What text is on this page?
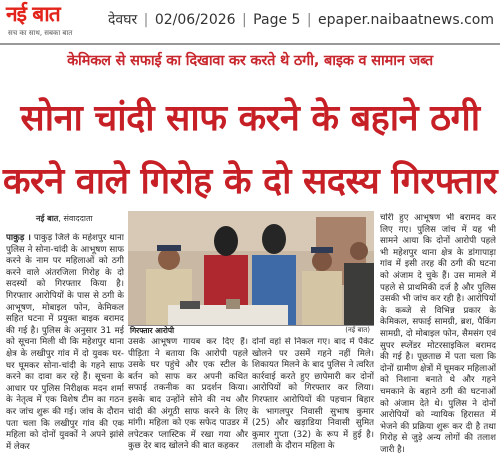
नई बात
सच का साथ, सबका बात
देवघर | 02/06/2026 | Page 5 | epaper.naibaatnews.com
केमिकल से सफाई का दिखावा कर करते थे ठगी, बाइक व सामान जब्त
सोना चांदी साफ करने के बहाने ठगी
करने वाले गिरोह के दो सदस्य गिरफ्तार
नई बात, संवाददाता
पाकुड़ । पाकुड़ जिले के महेशपुर थाना पुलिस ने सोना-चांदी के आभूषण साफ करने के नाम पर महिलाओं को ठगी करने वाले अंतरजिला गिरोह के दो सदस्यों को गिरफ्तार किया है। गिरफ्तार आरोपियों के पास से ठगी के आभूषण, मोबाइल फोन, केमिकल सहित घटना में प्रयुक्त बाइक बरामद की गई है। पुलिस के अनुसार 31 मई को सूचना मिली थी कि महेशपुर थाना क्षेत्र के लखीपुर गांव में दो युवक घर-घर घूमकर सोना-चांदी के गहने साफ करने का दावा कर रहे हैं। सूचना के आधार पर पुलिस निरीक्षक मदन शर्मा के नेतृत्व में एक विशेष टीम का गठन कर जांच शुरू की गई। जांच के दौरान पता चला कि लखीपुर गांव की एक महिला को दोनों युवकों ने अपने झांसे में लेकर
गिरफ्तार आरोपी	(नई बात)
उसके आभूषण गायब कर दिए हैं। पीड़िता ने बताया कि आरोपी पहले उसके घर पहुंचे और एक स्टील के बर्तन को साफ कर अपनी कथित सफाई तकनीक का प्रदर्शन किया। इसके बाद उन्होंने सोने की नथ और चांदी की अंगूठी साफ करने के लिए मांगी। महिला को एक सफेद पाउडर में लपेटकर प्लास्टिक में रखा गया और कुछ देर बाद खोलने की बात कहकर
दोनों वहां से निकल गए। बाद में पैकेट खोलने पर उसमें गहने नहीं मिले। शिकायत मिलने के बाद पुलिस ने त्वरित कार्रवाई करते हुए छापेमारी कर दोनों आरोपियों को गिरफ्तार कर लिया। गिरफ्तार आरोपियों की पहचान बिहार के भागलपुर निवासी सुभाष कुमार (25) और खड़ाडिया निवासी सुमित कुमार गुप्ता (32) के रूप में हुई है। तलाशी के दौरान महिला के
चोरी हुए आभूषण भी बरामद कर लिए गए। पुलिस जांच में यह भी सामने आया कि दोनों आरोपी पहले भी महेशपुर थाना क्षेत्र के डांगापाड़ा गांव में इसी तरह की ठगी की घटना को अंजाम दे चुके हैं। उस मामले में पहले से प्राथमिकी दर्ज है और पुलिस उसकी भी जांच कर रही है। आरोपियों के कब्जे से विभिन्न प्रकार के केमिकल, सफाई सामग्री, ब्रश, पैकिंग सामग्री, दो मोबाइल फोन, सैमसंग एवं सुपर स्प्लेंडर मोटरसाइकिल बरामद की गई है। पूछताछ में पता चला कि दोनों ग्रामीण क्षेत्रों में घूमकर महिलाओं को निशाना बनाते थे और गहने चमकाने के बहाने ठगी की घटनाओं को अंजाम देते थे। पुलिस ने दोनों आरोपियों को न्यायिक हिरासत में भेजने की प्रक्रिया शुरू कर दी है तथा गिरोह से जुड़े अन्य लोगों की तलाश जारी है।
